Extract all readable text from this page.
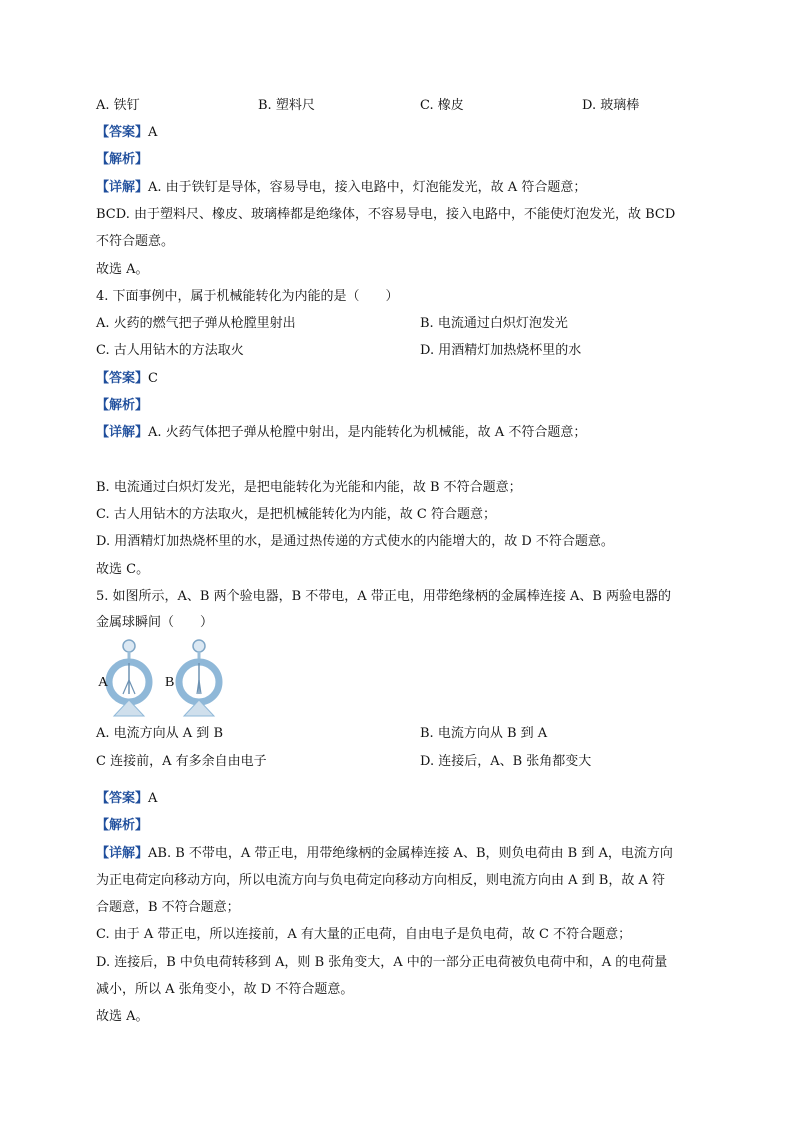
A. 铁钉	B. 塑料尺	C. 橡皮	D. 玻璃棒
【答案】A
【解析】
【详解】A. 由于铁钉是导体，容易导电，接入电路中，灯泡能发光，故 A 符合题意；
BCD. 由于塑料尺、橡皮、玻璃棒都是绝缘体，不容易导电，接入电路中，不能使灯泡发光，故 BCD
不符合题意。
故选 A。
4. 下面事例中，属于机械能转化为内能的是（　　）
A. 火药的燃气把子弹从枪膛里射出	B. 电流通过白炽灯泡发光
C. 古人用钻木的方法取火	D. 用酒精灯加热烧杯里的水
【答案】C
【解析】
【详解】A. 火药气体把子弹从枪膛中射出，是内能转化为机械能，故 A 不符合题意；
B. 电流通过白炽灯发光，是把电能转化为光能和内能，故 B 不符合题意；
C. 古人用钻木的方法取火，是把机械能转化为内能，故 C 符合题意；
D. 用酒精灯加热烧杯里的水，是通过热传递的方式使水的内能增大的，故 D 不符合题意。
故选 C。
5. 如图所示，A、B 两个验电器，B 不带电，A 带正电，用带绝缘柄的金属棒连接 A、B 两验电器的
金属球瞬间（　　）
A	B
A. 电流方向从 A 到 B	B. 电流方向从 B 到 A
C 连接前，A 有多余自由电子	D. 连接后，A、B 张角都变大
【答案】A
【解析】
【详解】AB. B 不带电，A 带正电，用带绝缘柄的金属棒连接 A、B，则负电荷由 B 到 A，电流方向
为正电荷定向移动方向，所以电流方向与负电荷定向移动方向相反，则电流方向由 A 到 B，故 A 符
合题意，B 不符合题意；
C. 由于 A 带正电，所以连接前，A 有大量的正电荷，自由电子是负电荷，故 C 不符合题意；
D. 连接后，B 中负电荷转移到 A，则 B 张角变大，A 中的一部分正电荷被负电荷中和，A 的电荷量
减小，所以 A 张角变小，故 D 不符合题意。
故选 A。
